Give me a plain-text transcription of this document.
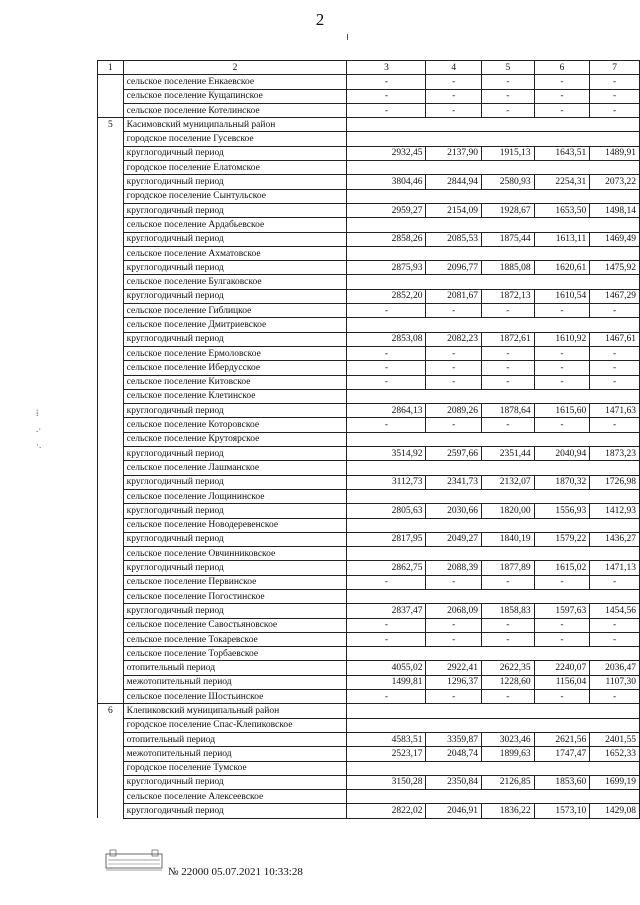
2
1	2	3	4	5	6	7
	сельское поселение Енкаевское	-	-	-	-	-
	сельское поселение Кущапинское	-	-	-	-	-
	сельское поселение Котелинское	-	-	-	-	-
5	Касимовский муниципальный район					
	городское поселение Гусевское					
	круглогодичный период	2932,45	2137,90	1915,13	1643,51	1489,91
	городское поселение Елатомское					
	круглогодичный период	3804,46	2844,94	2580,93	2254,31	2073,22
	городское поселение Сынтульское					
	круглогодичный период	2959,27	2154,09	1928,67	1653,50	1498,14
	сельское поселение Ардабьевское					
	круглогодичный период	2858,26	2085,53	1875,44	1613,11	1469,49
	сельское поселение Ахматовское					
	круглогодичный период	2875,93	2096,77	1885,08	1620,61	1475,92
	сельское поселение Булгаковское					
	круглогодичный период	2852,20	2081,67	1872,13	1610,54	1467,29
	сельское поселение Гиблицкое	-	-	-	-	-
	сельское поселение Дмитриевское					
	круглогодичный период	2853,08	2082,23	1872,61	1610,92	1467,61
	сельское поселение Ермоловское	-	-	-	-	-
	сельское поселение Ибердусское	-	-	-	-	-
	сельское поселение Китовское	-	-	-	-	-
	сельское поселение Клетинское					
	круглогодичный период	2864,13	2089,26	1878,64	1615,60	1471,63
	сельское поселение Которовское	-	-	-	-	-
	сельское поселение Крутоярское					
	круглогодичный период	3514,92	2597,66	2351,44	2040,94	1873,23
	сельское поселение Лашманское					
	круглогодичный период	3112,73	2341,73	2132,07	1870,32	1726,98
	сельское поселение Лощининское					
	круглогодичный период	2805,63	2030,66	1820,00	1556,93	1412,93
	сельское поселение Новодеревенское					
	круглогодичный период	2817,95	2049,27	1840,19	1579,22	1436,27
	сельское поселение Овчинниковское					
	круглогодичный период	2862,75	2088,39	1877,89	1615,02	1471,13
	сельское поселение Первинское	-	-	-	-	-
	сельское поселение Погостинское					
	круглогодичный период	2837,47	2068,09	1858,83	1597,63	1454,56
	сельское поселение Савостьяновское	-	-	-	-	-
	сельское поселение Токаревское	-	-	-	-	-
	сельское поселение Торбаевское					
	отопительный период	4055,02	2922,41	2622,35	2240,07	2036,47
	межотопительный период	1499,81	1296,37	1228,60	1156,04	1107,30
	сельское поселение Шостьинское	-	-	-	-	-
6	Клепиковский муниципальный район					
	городское поселение Спас-Клепиковское					
	отопительный период	4583,51	3359,87	3023,46	2621,56	2401,55
	межотопительный период	2523,17	2048,74	1899,63	1747,47	1652,33
	городское поселение Тумское					
	круглогодичный период	3150,28	2350,84	2126,85	1853,60	1699,19
	сельское поселение Алексеевское					
	круглогодичный период	2822,02	2046,91	1836,22	1573,10	1429,08
⁞
.·
·.
№ 22000 05.07.2021 10:33:28
